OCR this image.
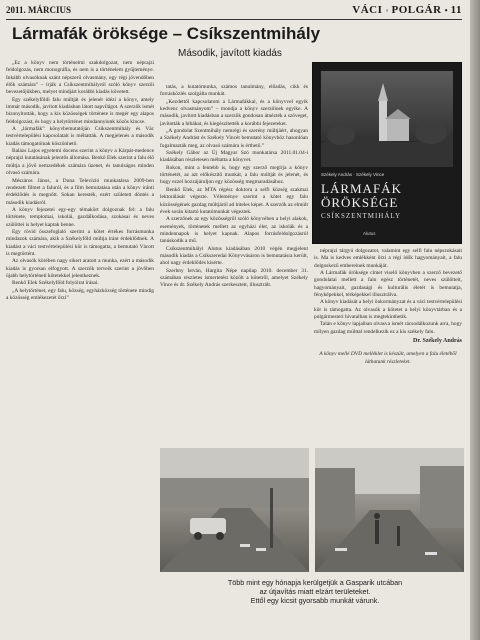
2011. MÁRCIUS	VÁCI ◦ POLGÁR • 11
Lármafák öröksége – Csíkszentmihály
Második, javított kiadás

„Ez a könyv nem történelmi szakdolgozat, nem néprajzi feldolgozás, nem monográfia, és nem is a történelem gyűjteménye. Inkább olvasóknak szánt népszerű olvasmány, egy régi jövendőben élők számára” – írják a Csíkszentmihályról szóló könyv szerzői bevezetőjükben, melyet mindjárt korábbi kiadás követett.

Egy székelyföldi falu múltját és jelenét idézi a könyv, amely immár második, javított kiadásban látott napvilágot. A szerzők ismét bizonyították, hogy a kis közösségek története is megér egy alapos feldolgozást, és hogy a helytörténet mindannyiunk közös kincse.

A „lármafák” könyvbemutatóján Csíkszentmihály és Vác testvértelepülési kapcsolatait is méltatták. A megjelenés a második kiadás támogatóinak köszönhető.

Balázs Lajos egyetemi docens szerint a könyv a Kárpát-medence néprajzi kutatásának jelentős állomása. Benkő Elek szerint a falu élő múltja a jövő nemzedékek számára üzenet, és tanulságos minden olvasó számára.

Mészáros János, a Duna Televízió munkatársa 2009-ben rendezett filmet a faluról, és a film bemutatása után a könyv iránti érdeklődés is megnőtt. Sokan keresték, ezért született döntés a második kiadásról.

A könyv fejezetei egy-egy témakört dolgoznak fel: a falu története, templomai, iskolái, gazdálkodása, szokásai és neves szülöttei is helyet kaptak benne.

Egy rövid összefoglaló szerint a kötet értékes forrásmunka mindazok számára, akik a Székelyföld múltja iránt érdeklődnek. A kiadást a váci testvértelepülési kör is támogatta, a bemutató Vácott is megtörtént.

Az olvasók körében nagy sikert aratott a munka, ezért a második kiadás is gyorsan elfogyott. A szerzők terveik szerint a jövőben újabb helytörténeti kötetekkel jelentkeznek.

Benkő Elek Székelyföld folyóirat írásai.

„A helytörténet, egy falu, község, egyházközség története mindig a közösség emlékezetét őrzi”

tatás, a kutatómunka, számos tanulmány, előadás, cikk és forrásközlés szolgálta munkát.

„Kezdettől kapcsolatom a Lármafákkal, és a könyvvel egyik kedvenc olvasmányom” – mondja a könyv szerzőinek egyike. A második, javított kiadásban a szerzők gondosan átnézték a szöveget, javították a hibákat, és kiegészítették a korábbi fejezeteket.

„A gondolat Szentmihály nemrégi és szerény múltjáért, ahogyan a Székely Andrást és Székely Vincét bemutató könyvhöz hasonlóan fogalmazták meg, az olvasó számára is érthető.”

Székely Gábor az Új Magyar Szó munkatársa 2011.01.04-i kiadásában részletesen méltatta a könyvet.

Rokon, mint a fentebb is, hogy egy szerző megírja a könyv történetét, az azt előkészítő munkát, a falu múltját és jelenét, és hogy ezzel hozzájáruljon egy közösség megmaradásához.

Benkő Elek, az MTA régész doktora a selfi község szakmai lektorálását végezte. Véleménye szerint a kötet egy falu közösségének gazdag múltjáról ad hiteles képet. A szerzők az elmúlt évek során kitartó kutatómunkát végeztek.

A szerzőnek az egy közösségről szóló könyvében a helyi alakok, események, történetek mellett az egyházi élet, az iskolák és a mindennapok is helyet kapnak. Alapos forrásfeldolgozásról tanúskodik a mű.

Csíkszentmihályi Alutus kiadásában 2010 végén megjelent második kiadás a Csíkszeredai Könyvvásáron is bemutatásra került, ahol nagy érdeklődés kísérte.

Szerbny István, Hargita Népe napilap 2010. december 31. számában részletes ismertetést közölt a kötetről, amelyet Székely Vince és dr. Székely András szerkesztett, illusztrált.

Székely András · Székely Vince
LÁRMAFÁK
ÖRÖKSÉGE
CSÍKSZENTMIHÁLY
Alutus

néprajzi tárgyú dolgozatot, valamint egy selfi falu népszokásait is. Ma is kedves emlékként őrzi a régi idők hagyományait, a falu dolgoskezű embereinek munkáját.

A Lármafák öröksége címet viselő könyvben a szerző bevezető gondolatai mellett a falu egész történetét, neves szülötteit, hagyományait, gazdasági és kulturális életét is bemutatja, fényképekkel, térképekkel illusztrálva.

A könyv kiadását a helyi önkormányzat és a váci testvértelepülési kör is támogatta. Az olvasók a kötetet a helyi könyvtárban és a polgármesteri hivatalban is megtekinthetik.

Talán e könyv lapjaiban olvasva ismét rácsodálkozunk arra, hogy milyen gazdag múlttal rendelkezik ez a kis székely falu.

Dr. Székely András
A könyv mellé DVD melléklet is készült, amelyen a falu életéből láthatunk részleteket.
Több mint egy hónapja kerülgetjük a Gasparik utcában
az útjavítás miatt elzárt területeket.
Ettől egy kicsit gyorsabb munkát várunk.
